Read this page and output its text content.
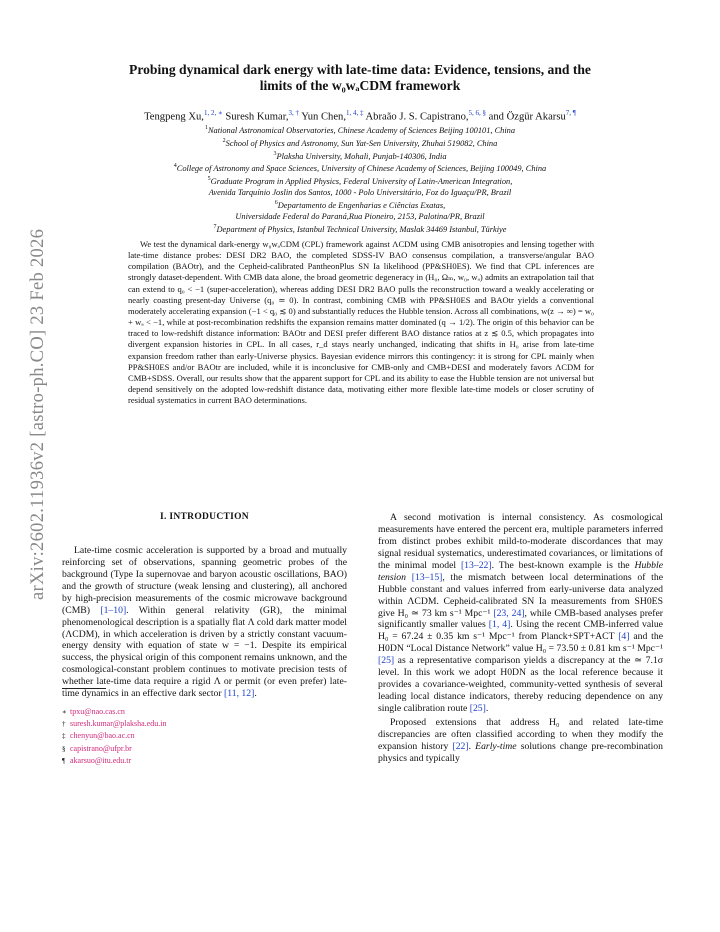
arXiv:2602.11936v2 [astro-ph.CO] 23 Feb 2026
Probing dynamical dark energy with late-time data: Evidence, tensions, and the
limits of the w₀wₐCDM framework
Tengpeng Xu,$^{1, 2, ∗}$ Suresh Kumar,$^{3, \dagger}$ Yun Chen,$^{1, 4, \ddagger}$ Abraão J. S. Capistrano,$^{5, 6, \S}$ and Özgür Akarsu$^{7, \P}$
$^1$National Astronomical Observatories, Chinese Academy of Sciences Beijing 100101, China
$^2$School of Physics and Astronomy, Sun Yat-Sen University, Zhuhai 519082, China
$^3$Plaksha University, Mohali, Punjab-140306, India
$^4$College of Astronomy and Space Sciences, University of Chinese Academy of Sciences, Beijing 100049, China
$^5$Graduate Program in Applied Physics, Federal University of Latin-American Integration,
Avenida Tarquínio Joslin dos Santos, 1000 - Polo Universitário, Foz do Iguaçu/PR, Brazil
$^6$Departamento de Engenharias e Ciências Exatas,
Universidade Federal do Paraná,Rua Pioneiro, 2153, Palotina/PR, Brazil
$^7$Department of Physics, Istanbul Technical University, Maslak 34469 Istanbul, Türkiye
We test the dynamical dark-energy w₀wₐCDM (CPL) framework against ΛCDM using CMB anisotropies and lensing together with late-time distance probes: DESI DR2 BAO, the completed SDSS-IV BAO consensus compilation, a transverse/angular BAO compilation (BAOtr), and the Cepheid-calibrated PantheonPlus SN Ia likelihood (PP&SH0ES). We find that CPL inferences are strongly dataset-dependent. With CMB data alone, the broad geometric degeneracy in (H₀, Ωₘ, w₀, wₐ) admits an extrapolation tail that can extend to q₀ < −1 (super-acceleration), whereas adding DESI DR2 BAO pulls the reconstruction toward a weakly accelerating or nearly coasting present-day Universe (q₀ ≃ 0). In contrast, combining CMB with PP&SH0ES and BAOtr yields a conventional moderately accelerating expansion (−1 < q₀ ≲ 0) and substantially reduces the Hubble tension. Across all combinations, w(z → ∞) = w₀ + wₐ < −1, while at post-recombination redshifts the expansion remains matter dominated (q → 1/2). The origin of this behavior can be traced to low-redshift distance information: BAOtr and DESI prefer different BAO distance ratios at z ≲ 0.5, which propagates into divergent expansion histories in CPL. In all cases, r_d stays nearly unchanged, indicating that shifts in H₀ arise from late-time expansion freedom rather than early-Universe physics. Bayesian evidence mirrors this contingency: it is strong for CPL mainly when PP&SH0ES and/or BAOtr are included, while it is inconclusive for CMB-only and CMB+DESI and moderately favors ΛCDM for CMB+SDSS. Overall, our results show that the apparent support for CPL and its ability to ease the Hubble tension are not universal but depend sensitively on the adopted low-redshift distance data, motivating either more flexible late-time models or closer scrutiny of residual systematics in current BAO determinations.
I. INTRODUCTION

Late-time cosmic acceleration is supported by a broad and mutually reinforcing set of observations, spanning geometric probes of the background (Type Ia supernovae and baryon acoustic oscillations, BAO) and the growth of structure (weak lensing and clustering), all anchored by high-precision measurements of the cosmic microwave background (CMB) [1–10]. Within general relativity (GR), the minimal phenomenological description is a spatially flat Λ cold dark matter model (ΛCDM), in which acceleration is driven by a strictly constant vacuum-energy density with equation of state w = −1. Despite its empirical success, the physical origin of this component remains unknown, and the cosmological-constant problem continues to motivate precision tests of whether late-time data require a rigid Λ or permit (or even prefer) late-time dynamics in an effective dark sector [11, 12].

∗ tpxu@nao.cas.cn
† suresh.kumar@plaksha.edu.in
‡ chenyun@bao.ac.cn
§ capistrano@ufpr.br
¶ akarsuo@itu.edu.tr

A second motivation is internal consistency. As cosmological measurements have entered the percent era, multiple parameters inferred from distinct probes exhibit mild-to-moderate discordances that may signal residual systematics, underestimated covariances, or limitations of the minimal model [13–22]. The best-known example is the Hubble tension [13–15], the mismatch between local determinations of the Hubble constant and values inferred from early-universe data analyzed within ΛCDM. Cepheid-calibrated SN Ia measurements from SH0ES give H₀ ≃ 73 km s⁻¹ Mpc⁻¹ [23, 24], while CMB-based analyses prefer significantly smaller values [1, 4]. Using the recent CMB-inferred value H₀ = 67.24 ± 0.35 km s⁻¹ Mpc⁻¹ from Planck+SPT+ACT [4] and the H0DN “Local Distance Network” value H₀ = 73.50 ± 0.81 km s⁻¹ Mpc⁻¹ [25] as a representative comparison yields a discrepancy at the ≃ 7.1σ level. In this work we adopt H0DN as the local reference because it provides a covariance-weighted, community-vetted synthesis of several leading local distance indicators, thereby reducing dependence on any single calibration route [25].

Proposed extensions that address H₀ and related late-time discrepancies are often classified according to when they modify the expansion history [22]. Early-time solutions change pre-recombination physics and typically
